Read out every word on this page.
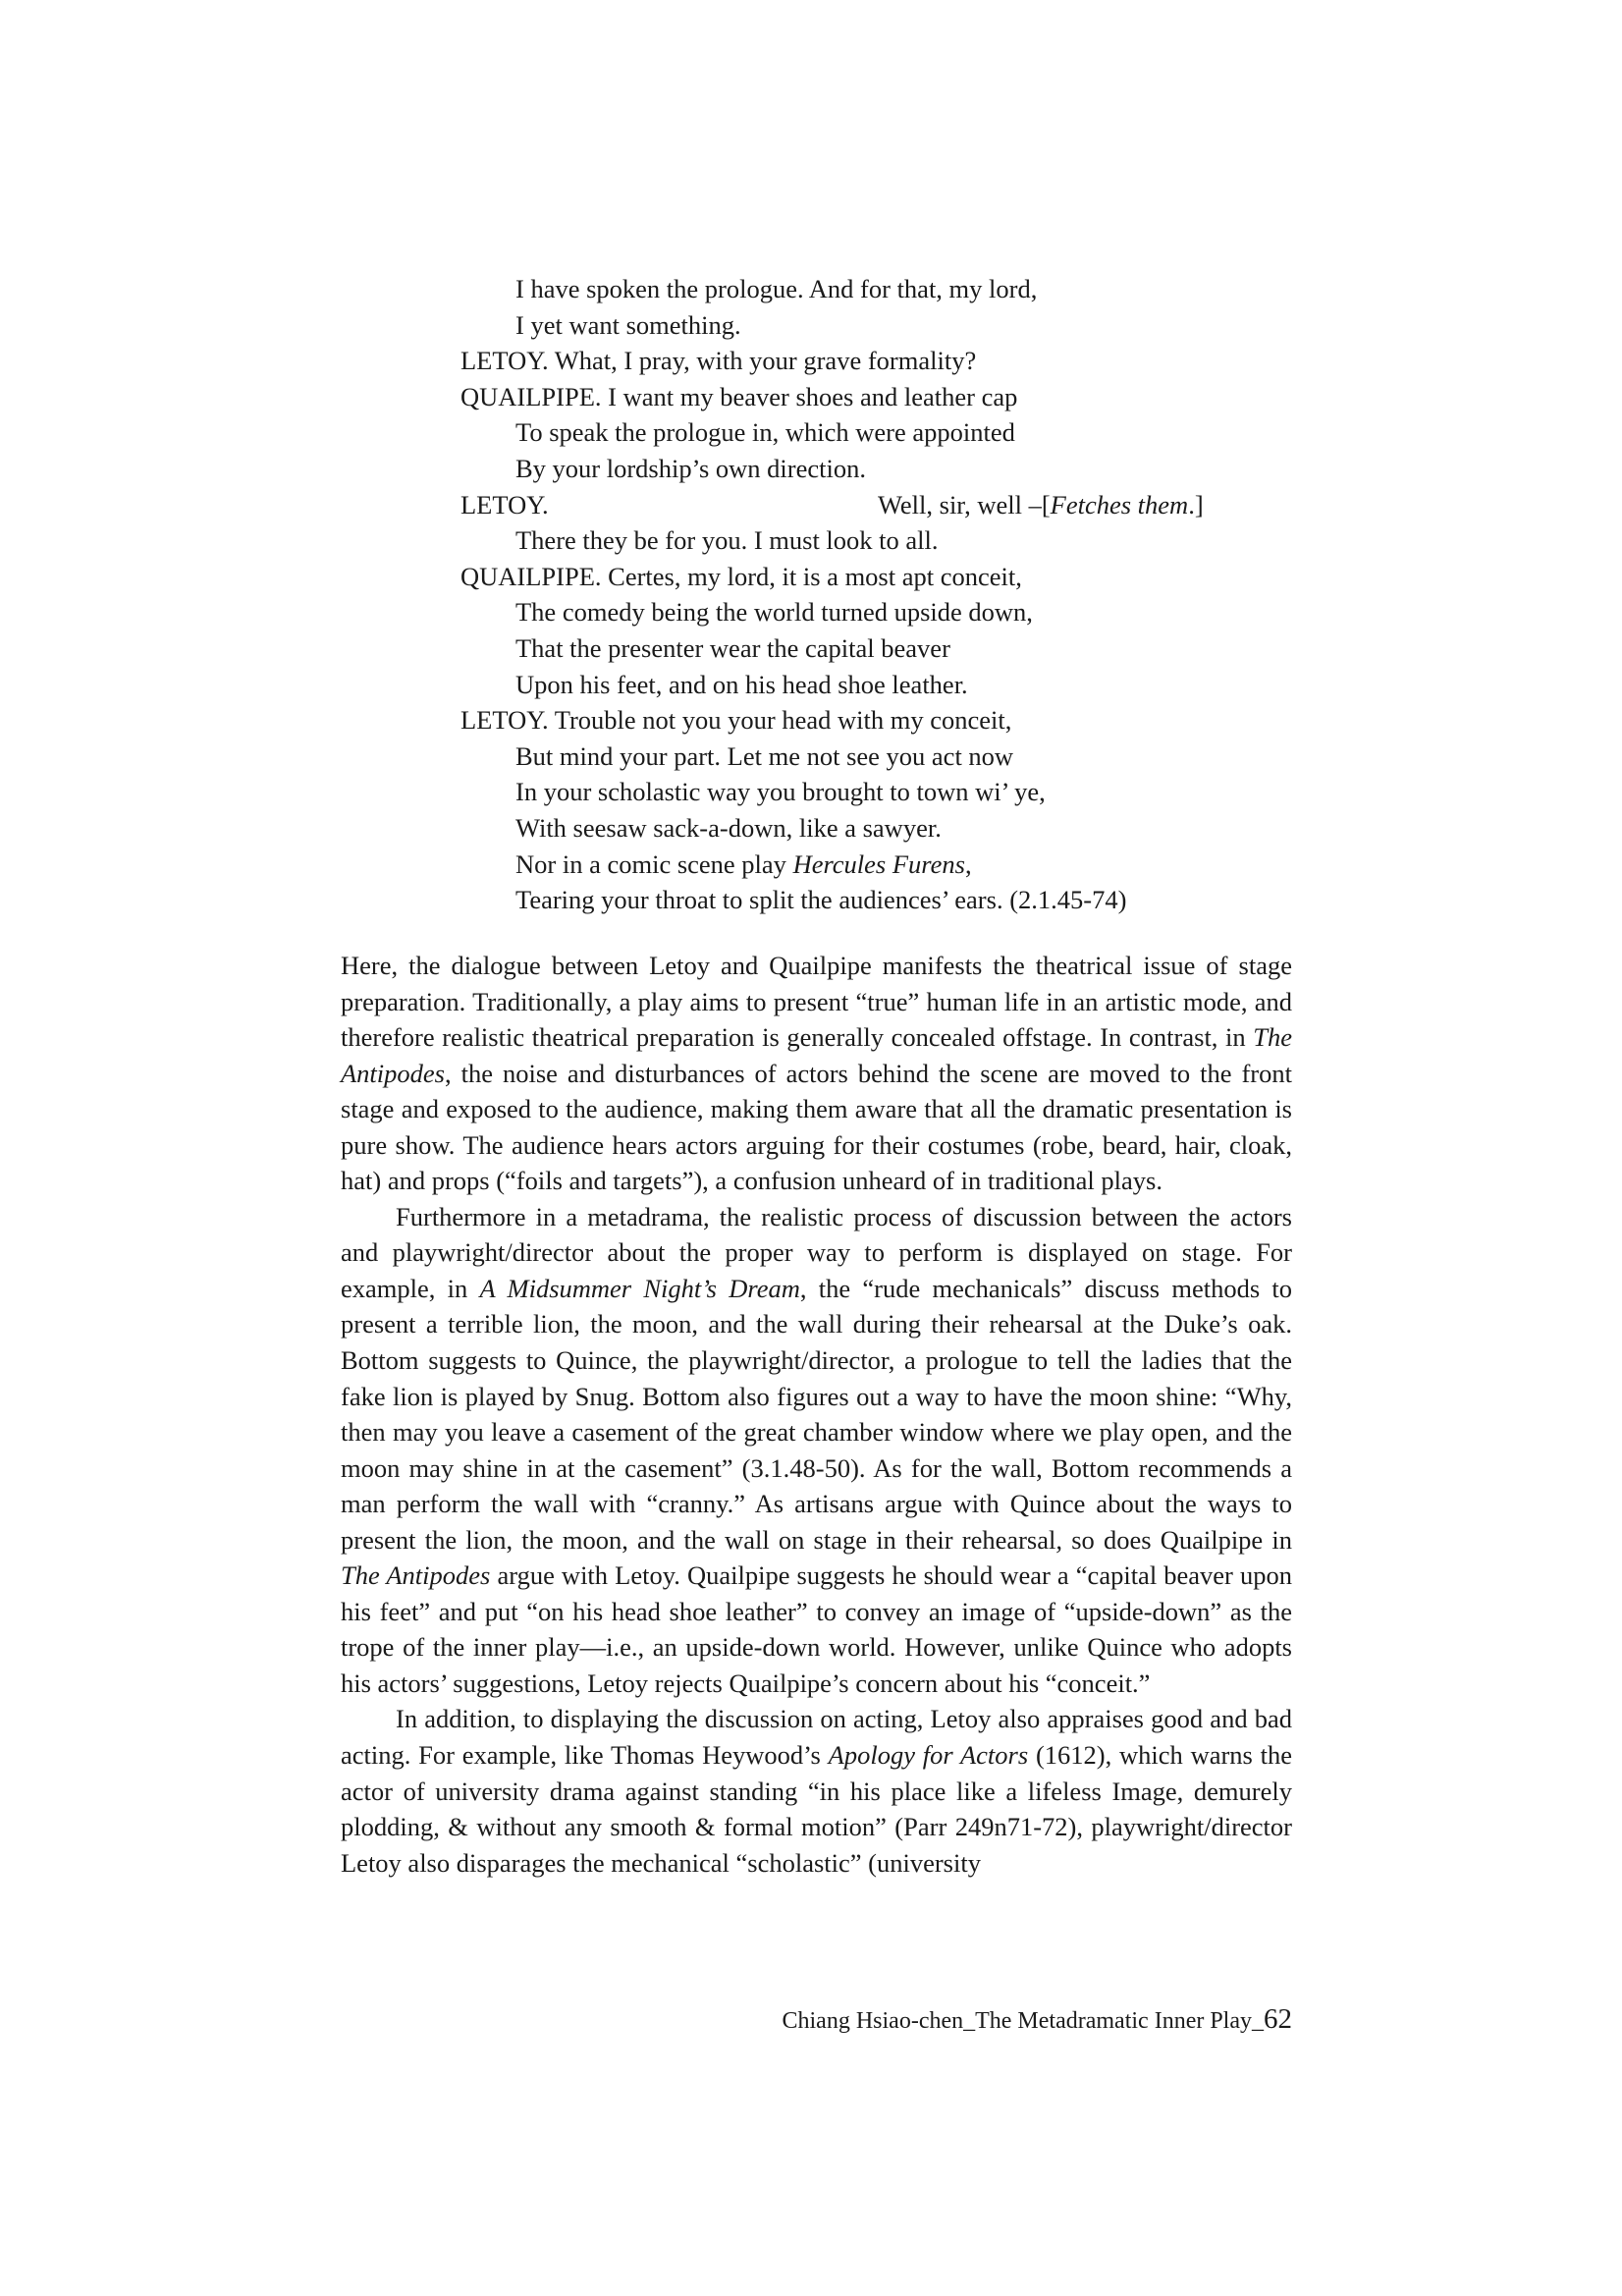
I have spoken the prologue. And for that, my lord,
I yet want something.
LETOY. What, I pray, with your grave formality?
QUAILPIPE. I want my beaver shoes and leather cap
To speak the prologue in, which were appointed
By your lordship’s own direction.
LETOY.	Well, sir, well –[Fetches them.]
There they be for you. I must look to all.
QUAILPIPE. Certes, my lord, it is a most apt conceit,
The comedy being the world turned upside down,
That the presenter wear the capital beaver
Upon his feet, and on his head shoe leather.
LETOY. Trouble not you your head with my conceit,
But mind your part. Let me not see you act now
In your scholastic way you brought to town wi’ ye,
With seesaw sack-a-down, like a sawyer.
Nor in a comic scene play Hercules Furens,
Tearing your throat to split the audiences’ ears. (2.1.45-74)

Here, the dialogue between Letoy and Quailpipe manifests the theatrical issue of stage preparation. Traditionally, a play aims to present “true” human life in an artistic mode, and therefore realistic theatrical preparation is generally concealed offstage. In contrast, in The Antipodes, the noise and disturbances of actors behind the scene are moved to the front stage and exposed to the audience, making them aware that all the dramatic presentation is pure show. The audience hears actors arguing for their costumes (robe, beard, hair, cloak, hat) and props (“foils and targets”), a confusion unheard of in traditional plays.

Furthermore in a metadrama, the realistic process of discussion between the actors and playwright/director about the proper way to perform is displayed on stage. For example, in A Midsummer Night’s Dream, the “rude mechanicals” discuss methods to present a terrible lion, the moon, and the wall during their rehearsal at the Duke’s oak. Bottom suggests to Quince, the playwright/director, a prologue to tell the ladies that the fake lion is played by Snug. Bottom also figures out a way to have the moon shine: “Why, then may you leave a casement of the great chamber window where we play open, and the moon may shine in at the casement” (3.1.48-50). As for the wall, Bottom recommends a man perform the wall with “cranny.” As artisans argue with Quince about the ways to present the lion, the moon, and the wall on stage in their rehearsal, so does Quailpipe in The Antipodes argue with Letoy. Quailpipe suggests he should wear a “capital beaver upon his feet” and put “on his head shoe leather” to convey an image of “upside-down” as the trope of the inner play—i.e., an upside-down world. However, unlike Quince who adopts his actors’ suggestions, Letoy rejects Quailpipe’s concern about his “conceit.”

In addition, to displaying the discussion on acting, Letoy also appraises good and bad acting. For example, like Thomas Heywood’s Apology for Actors (1612), which warns the actor of university drama against standing “in his place like a lifeless Image, demurely plodding, & without any smooth & formal motion” (Parr 249n71-72), playwright/director Letoy also disparages the mechanical “scholastic” (university

Chiang Hsiao-chen_The Metadramatic Inner Play_62
